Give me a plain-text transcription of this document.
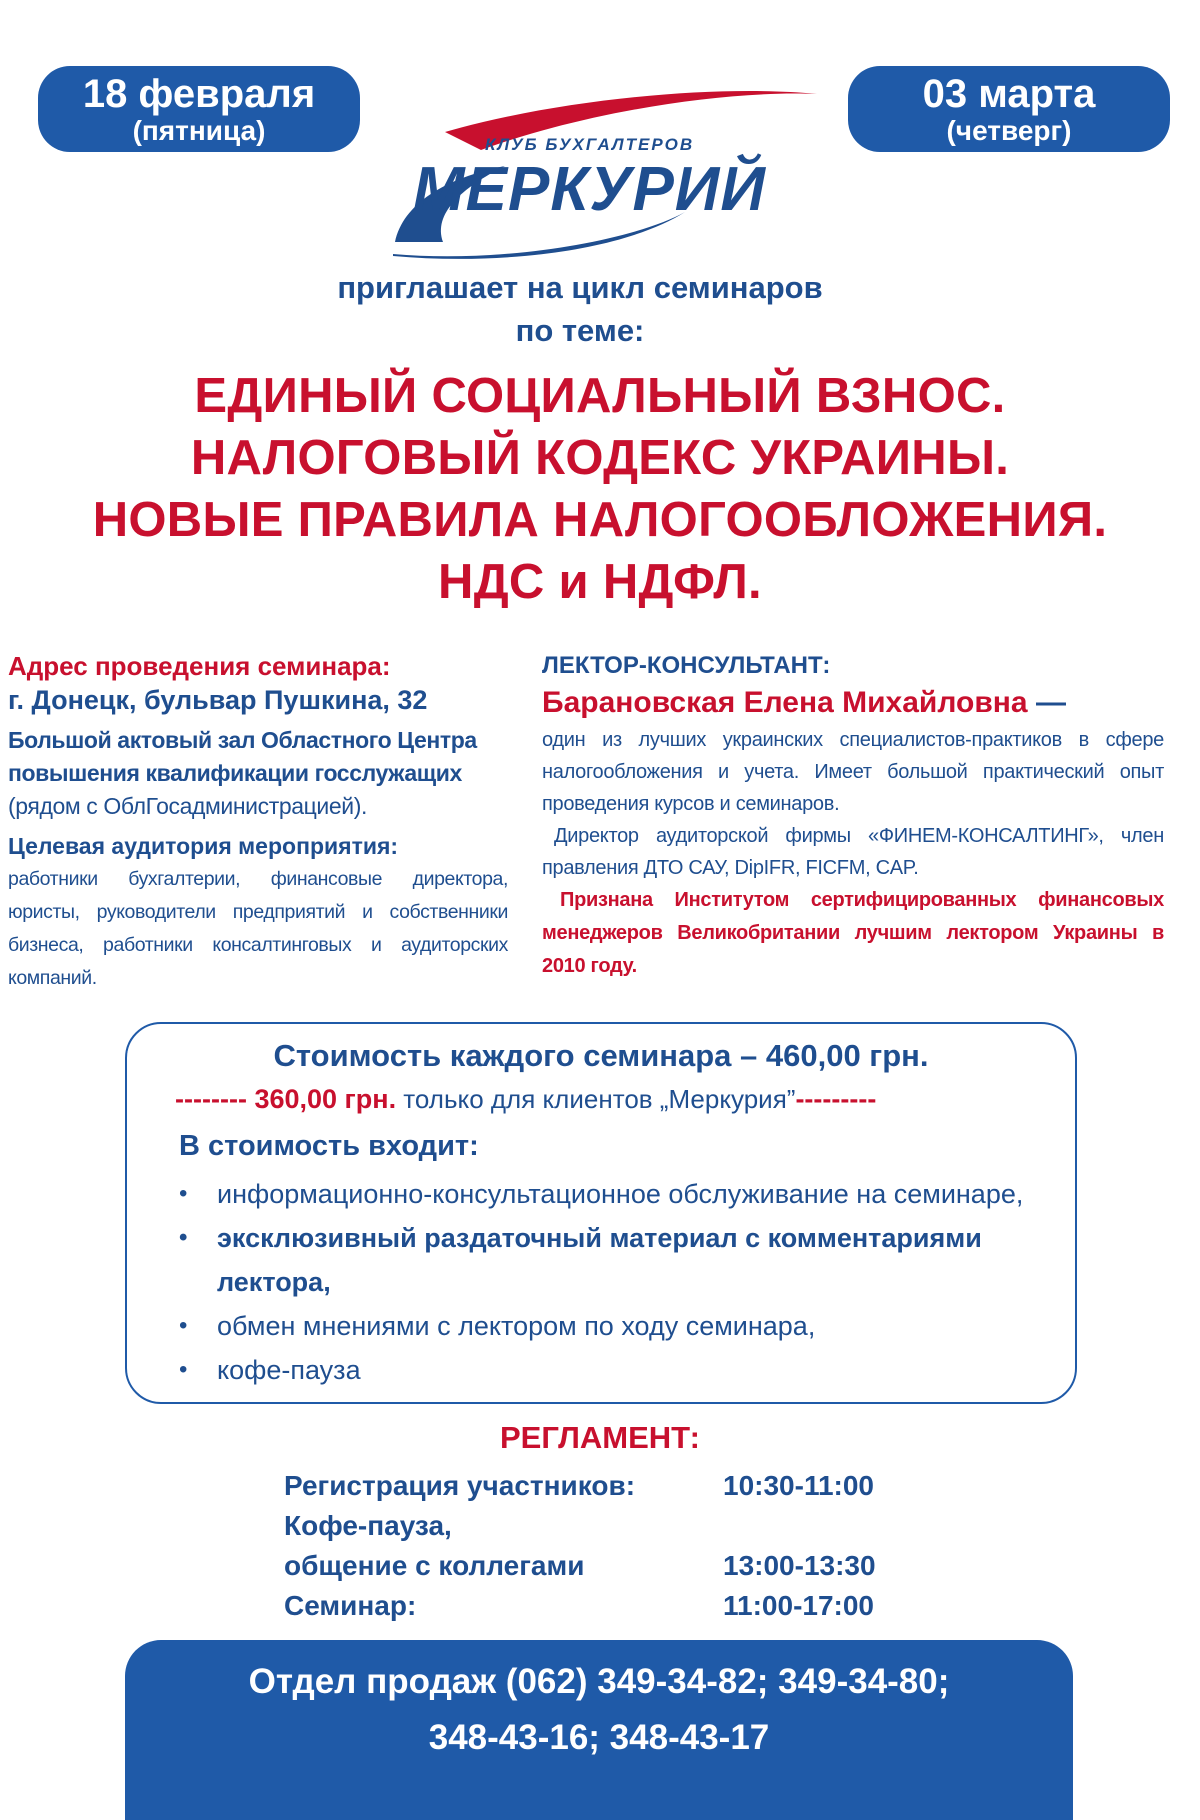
18 февраля
(пятница)
03 марта
(четверг)
КЛУБ БУХГАЛТЕРОВ
МЕРКУРИЙ
приглашает на цикл семинаров
по теме:
ЕДИНЫЙ СОЦИАЛЬНЫЙ ВЗНОС.
НАЛОГОВЫЙ КОДЕКС УКРАИНЫ.
НОВЫЕ ПРАВИЛА НАЛОГООБЛОЖЕНИЯ.
НДС и НДФЛ.
Адрес проведения семинара:
г. Донецк, бульвар Пушкина, 32
Большой актовый зал Областного Центра
повышения квалификации госслужащих
(рядом с ОблГосадминистрацией).
Целевая аудитория мероприятия:
работники бухгалтерии, финансовые директора, юристы, руководители предприятий и собственники бизнеса, работники консалтинговых и аудиторских компаний.
ЛЕКТОР-КОНСУЛЬТАНТ:
Барановская Елена Михайловна —
один из лучших украинских специалистов-практиков в сфере налогообложения и учета. Имеет большой практический опыт проведения курсов и семинаров.
Директор аудиторской фирмы «ФИНЕМ-КОНСАЛТИНГ», член правления ДТО САУ, DipIFR, FICFM, CAP.
Признана Институтом сертифицированных финансовых менеджеров Великобритании лучшим лектором Украины в 2010 году.
Стоимость каждого семинара – 460,00 грн.
-------- 360,00 грн. только для клиентов „Меркурия”---------
В стоимость входит:
• информационно-консультационное обслуживание на семинаре,
• эксклюзивный раздаточный материал с комментариями лектора,
• обмен мнениями с лектором по ходу семинара,
• кофе-пауза
РЕГЛАМЕНТ:
Регистрация участников:	10:30-11:00
Кофе-пауза,
общение с коллегами	13:00-13:30
Семинар:	11:00-17:00
Отдел продаж (062) 349-34-82; 349-34-80;
348-43-16; 348-43-17
